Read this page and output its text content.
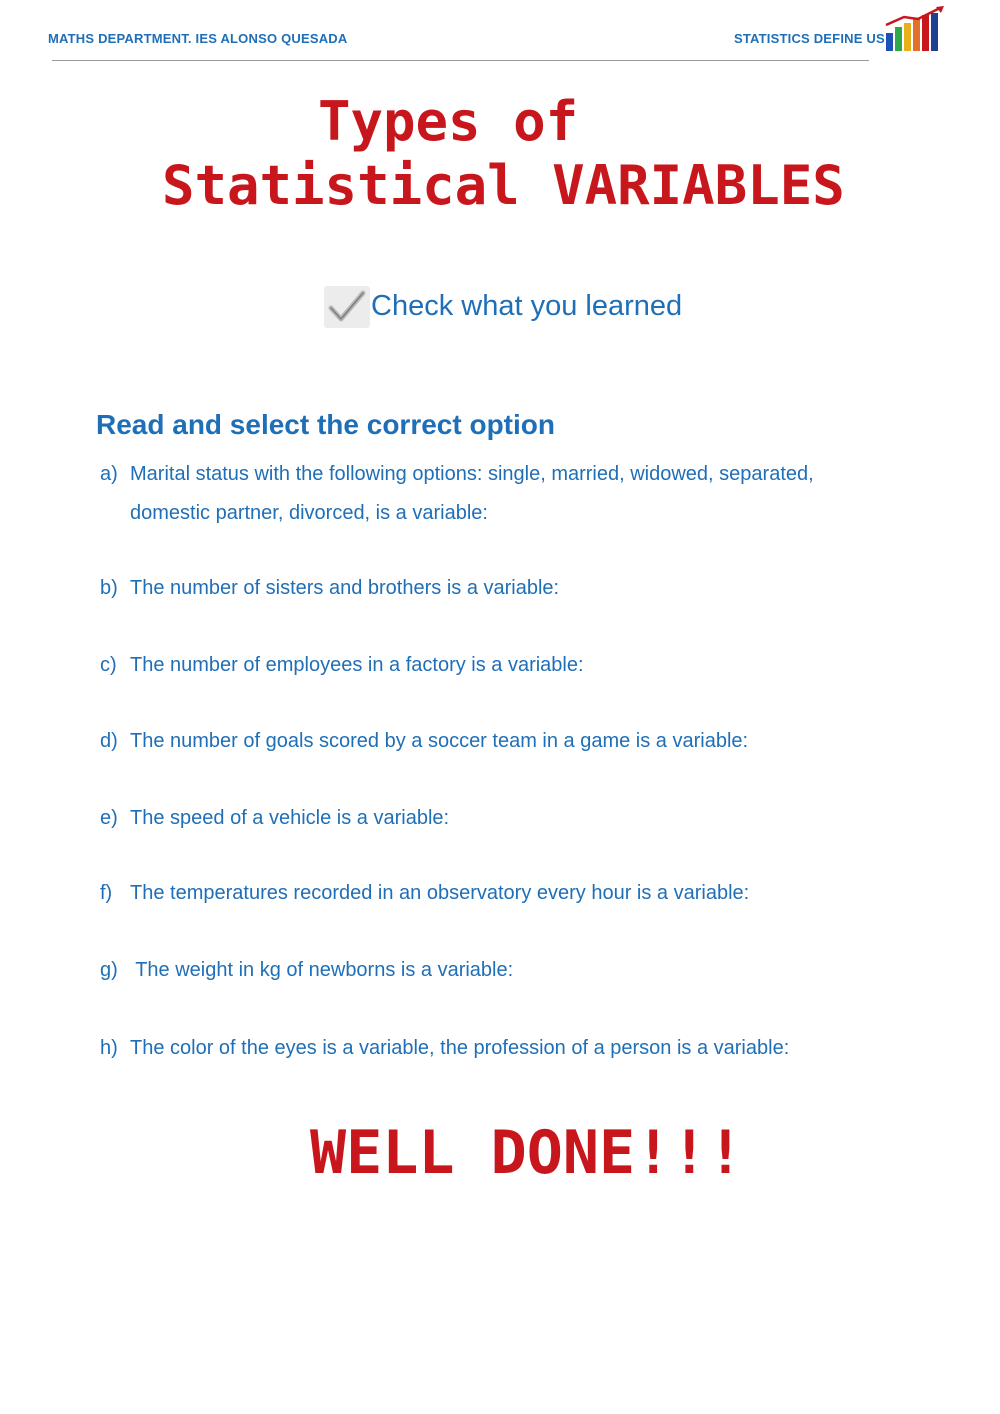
MATHS DEPARTMENT. IES ALONSO QUESADA	STATISTICS DEFINE US
Types of
Statistical VARIABLES
Check what you learned
Read and select the correct option
a) Marital status with the following options: single, married, widowed, separated,
domestic partner, divorced, is a variable:
b) The number of sisters and brothers is a variable:
c) The number of employees in a factory is a variable:
d) The number of goals scored by a soccer team in a game is a variable:
e) The speed of a vehicle is a variable:
f) The temperatures recorded in an observatory every hour is a variable:
g) The weight in kg of newborns is a variable:
h) The color of the eyes is a variable, the profession of a person is a variable:
WELL DONE!!!
